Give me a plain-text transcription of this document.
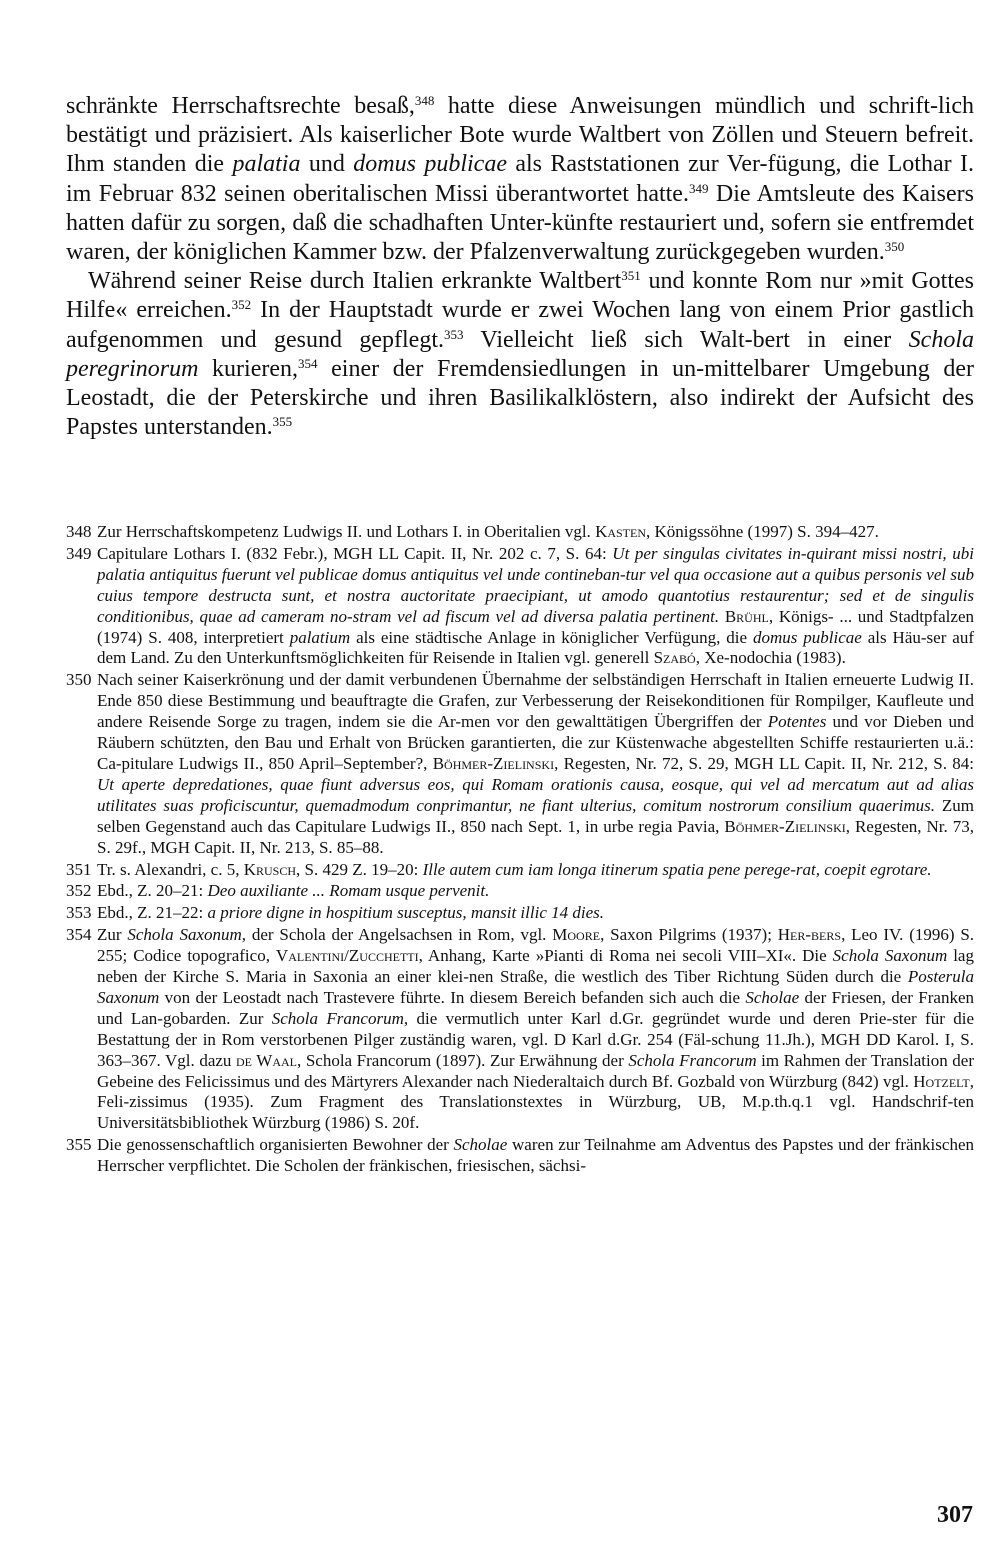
schränkte Herrschaftsrechte besaß,$^{348}$ hatte diese Anweisungen mündlich und schrift-lich bestätigt und präzisiert. Als kaiserlicher Bote wurde Waltbert von Zöllen und Steuern befreit. Ihm standen die palatia und domus publicae als Raststationen zur Ver-fügung, die Lothar I. im Februar 832 seinen oberitalischen Missi überantwortet hatte.$^{349}$ Die Amtsleute des Kaisers hatten dafür zu sorgen, daß die schadhaften Unter-künfte restauriert und, sofern sie entfremdet waren, der königlichen Kammer bzw. der Pfalzenverwaltung zurückgegeben wurden.$^{350}$

Während seiner Reise durch Italien erkrankte Waltbert$^{351}$ und konnte Rom nur »mit Gottes Hilfe« erreichen.$^{352}$ In der Hauptstadt wurde er zwei Wochen lang von einem Prior gastlich aufgenommen und gesund gepflegt.$^{353}$ Vielleicht ließ sich Walt-bert in einer Schola peregrinorum kurieren,$^{354}$ einer der Fremdensiedlungen in un-mittelbarer Umgebung der Leostadt, die der Peterskirche und ihren Basilikalklöstern, also indirekt der Aufsicht des Papstes unterstanden.$^{355}$

348 Zur Herrschaftskompetenz Ludwigs II. und Lothars I. in Oberitalien vgl. Kasten, Königssöhne (1997) S. 394–427.
349 Capitulare Lothars I. (832 Febr.), MGH LL Capit. II, Nr. 202 c. 7, S. 64: Ut per singulas civitates in-quirant missi nostri, ubi palatia antiquitus fuerunt vel publicae domus antiquitus vel unde contineban-tur vel qua occasione aut a quibus personis vel sub cuius tempore destructa sunt, et nostra auctoritate praecipiant, ut amodo quantotius restaurentur; sed et de singulis conditionibus, quae ad cameram no-stram vel ad fiscum vel ad diversa palatia pertinent. Brühl, Königs- ... und Stadtpfalzen (1974) S. 408, interpretiert palatium als eine städtische Anlage in königlicher Verfügung, die domus publicae als Häu-ser auf dem Land. Zu den Unterkunftsmöglichkeiten für Reisende in Italien vgl. generell Szabó, Xe-nodochia (1983).
350 Nach seiner Kaiserkrönung und der damit verbundenen Übernahme der selbständigen Herrschaft in Italien erneuerte Ludwig II. Ende 850 diese Bestimmung und beauftragte die Grafen, zur Verbesserung der Reisekonditionen für Rompilger, Kaufleute und andere Reisende Sorge zu tragen, indem sie die Ar-men vor den gewalttätigen Übergriffen der Potentes und vor Dieben und Räubern schützten, den Bau und Erhalt von Brücken garantierten, die zur Küstenwache abgestellten Schiffe restaurierten u.ä.: Ca-pitulare Ludwigs II., 850 April–September?, Böhmer-Zielinski, Regesten, Nr. 72, S. 29, MGH LL Capit. II, Nr. 212, S. 84: Ut aperte depredationes, quae fiunt adversus eos, qui Romam orationis causa, eosque, qui vel ad mercatum aut ad alias utilitates suas proficiscuntur, quemadmodum conprimantur, ne fiant ulterius, comitum nostrorum consilium quaerimus. Zum selben Gegenstand auch das Capitulare Ludwigs II., 850 nach Sept. 1, in urbe regia Pavia, Böhmer-Zielinski, Regesten, Nr. 73, S. 29f., MGH Capit. II, Nr. 213, S. 85–88.
351 Tr. s. Alexandri, c. 5, Krusch, S. 429 Z. 19–20: Ille autem cum iam longa itinerum spatia pene perege-rat, coepit egrotare.
352 Ebd., Z. 20–21: Deo auxiliante ... Romam usque pervenit.
353 Ebd., Z. 21–22: a priore digne in hospitium susceptus, mansit illic 14 dies.
354 Zur Schola Saxonum, der Schola der Angelsachsen in Rom, vgl. Moore, Saxon Pilgrims (1937); Her-bers, Leo IV. (1996) S. 255; Codice topografico, Valentini/Zucchetti, Anhang, Karte »Pianti di Roma nei secoli VIII–XI«. Die Schola Saxonum lag neben der Kirche S. Maria in Saxonia an einer klei-nen Straße, die westlich des Tiber Richtung Süden durch die Posterula Saxonum von der Leostadt nach Trastevere führte. In diesem Bereich befanden sich auch die Scholae der Friesen, der Franken und Lan-gobarden. Zur Schola Francorum, die vermutlich unter Karl d.Gr. gegründet wurde und deren Prie-ster für die Bestattung der in Rom verstorbenen Pilger zuständig waren, vgl. D Karl d.Gr. 254 (Fäl-schung 11.Jh.), MGH DD Karol. I, S. 363–367. Vgl. dazu de Waal, Schola Francorum (1897). Zur Erwähnung der Schola Francorum im Rahmen der Translation der Gebeine des Felicissimus und des Märtyrers Alexander nach Niederaltaich durch Bf. Gozbald von Würzburg (842) vgl. Hotzelt, Feli-zissimus (1935). Zum Fragment des Translationstextes in Würzburg, UB, M.p.th.q.1 vgl. Handschrif-ten Universitätsbibliothek Würzburg (1986) S. 20f.
355 Die genossenschaftlich organisierten Bewohner der Scholae waren zur Teilnahme am Adventus des Papstes und der fränkischen Herrscher verpflichtet. Die Scholen der fränkischen, friesischen, sächsi-
307
